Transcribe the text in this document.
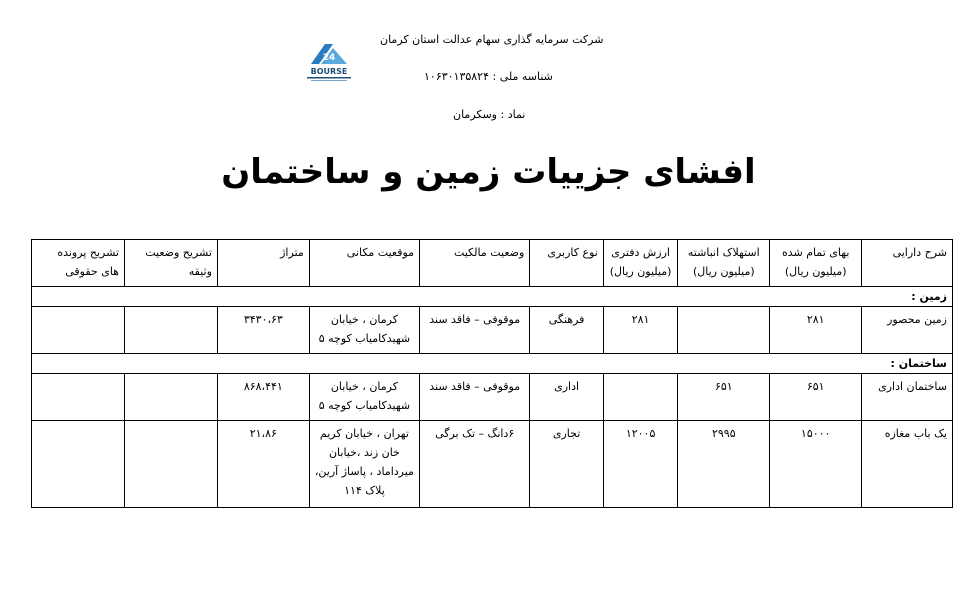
شرکت سرمایه گذاری سهام عدالت استان کرمان
شناسه ملی : ۱۰۶۳۰۱۳۵۸۲۴
نماد : وسکرمان
24
BOURSE
افشای جزییات زمین و ساختمان
شرح دارایی	بهای تمام شده (میلیون ریال)	استهلاک انباشته (میلیون ریال)	ارزش دفتری (میلیون ریال)	نوع کاربری	وضعیت مالکیت	موقعیت مکانی	متراژ	تشریح وضعیت وثیقه	تشریح پرونده های حقوقی
زمین :									
زمین محصور	۲۸۱		۲۸۱	فرهنگی	موقوفی – فاقد سند	کرمان ، خیابان شهیدکامیاب کوچه ۵	۳۴۳۰،۶۳		
ساختمان :									
ساختمان اداری	۶۵۱	۶۵۱		اداری	موقوفی – فاقد سند	کرمان ، خیابان شهیدکامیاب کوچه ۵	۸۶۸،۴۴۱		
یک باب مغازه	۱۵۰۰۰	۲۹۹۵	۱۲۰۰۵	تجاری	۶دانگ – تک برگی	تهران ، خیابان کریم خان زند ،خیابان میرداماد ، پاساژ آرین، پلاک ۱۱۴	۲۱،۸۶		
